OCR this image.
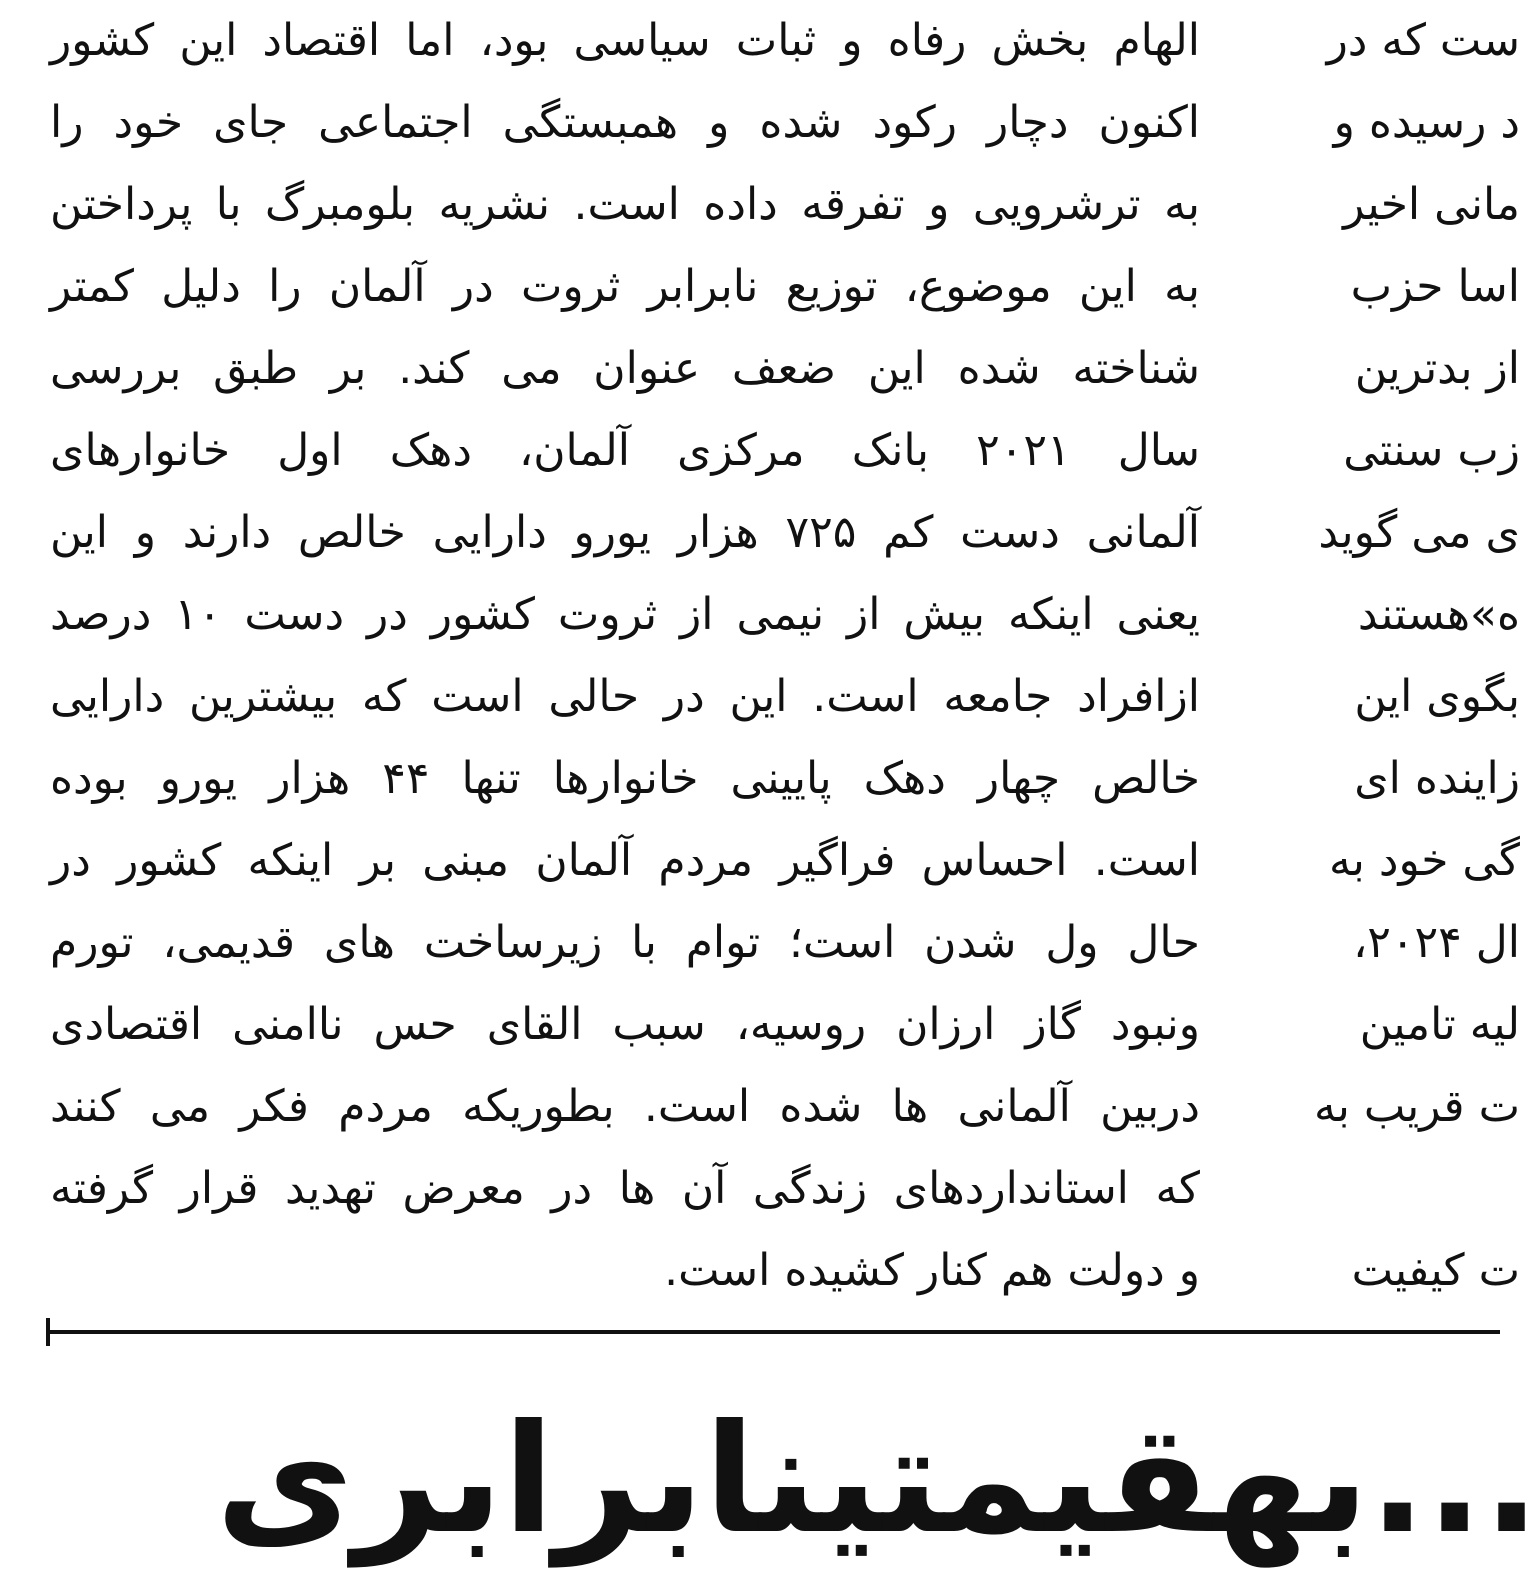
الهام بخش رفاه و ثبات سیاسی بود، اما اقتصاد این کشور
اکنون دچار رکود شده و همبستگی اجتماعی جای خود را
به ترشرویی و تفرقه داده است. نشریه بلومبرگ با پرداختن
به این موضوع، توزیع نابرابر ثروت در آلمان را دلیل کمتر
شناخته شده این ضعف عنوان می کند. بر طبق بررسی
سال ۲۰۲۱ بانک مرکزی آلمان، دهک اول خانوارهای
آلمانی دست کم ۷۲۵ هزار یورو دارایی خالص دارند و این
یعنی اینکه بیش از نیمی از ثروت کشور در دست ۱۰ درصد
ازافراد جامعه است. این در حالی است که بیشترین دارایی
خالص چهار دهک پایینی خانوارها تنها ۴۴ هزار یورو بوده
است. احساس فراگیر مردم آلمان مبنی بر اینکه کشور در
حال ول شدن است؛ توام با زیرساخت های قدیمی، تورم
ونبود گاز ارزان روسیه، سبب القای حس ناامنی اقتصادی
دربین آلمانی ها شده است. بطوریکه مردم فکر می کنند
که استانداردهای زندگی آن ها در معرض تهدید قرار گرفته
و دولت هم کنار کشیده است.
ست که در
د رسیده و
مانی اخیر
اسا حزب
از بدترین
زب سنتی
ی می گوید
ه»هستند
بگوی این
زاینده ای
گی خود به
ال ۲۰۲۴،
لیه تامین
ت قریب به
ت کیفیت
...بهقیمتینابرابری
